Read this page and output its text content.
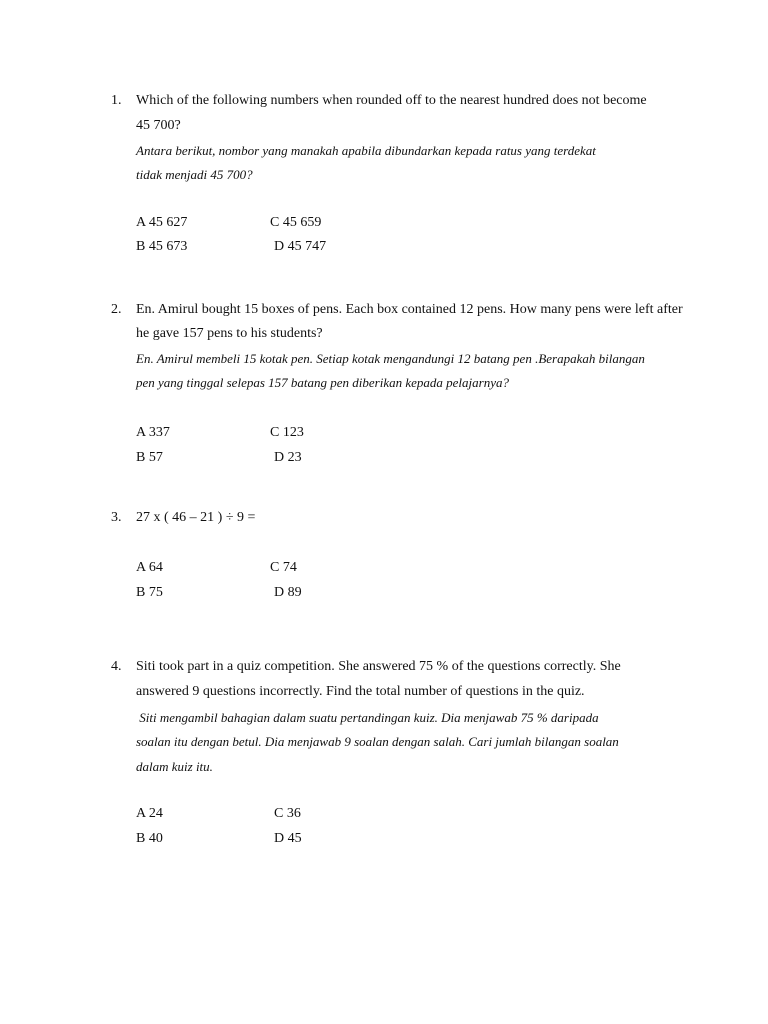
1. Which of the following numbers when rounded off to the nearest hundred does not become
45 700?
Antara berikut, nombor yang manakah apabila dibundarkan kepada ratus yang terdekat
tidak menjadi 45 700?
A 45 627	C 45 659
B 45 673	D 45 747
2. En. Amirul bought 15 boxes of pens. Each box contained 12 pens. How many pens were left after
he gave 157 pens to his students?
En. Amirul membeli 15 kotak pen. Setiap kotak mengandungi 12 batang pen .Berapakah bilangan
pen yang tinggal selepas 157 batang pen diberikan kepada pelajarnya?
A 337	C 123
B 57	D 23
3. 27 x ( 46 – 21 ) ÷ 9 =
A 64	C 74
B 75	D 89
4. Siti took part in a quiz competition. She answered 75 % of the questions correctly. She
answered 9 questions incorrectly. Find the total number of questions in the quiz.
Siti mengambil bahagian dalam suatu pertandingan kuiz. Dia menjawab 75 % daripada
soalan itu dengan betul. Dia menjawab 9 soalan dengan salah. Cari jumlah bilangan soalan
dalam kuiz itu.
A 24	C 36
B 40	D 45
